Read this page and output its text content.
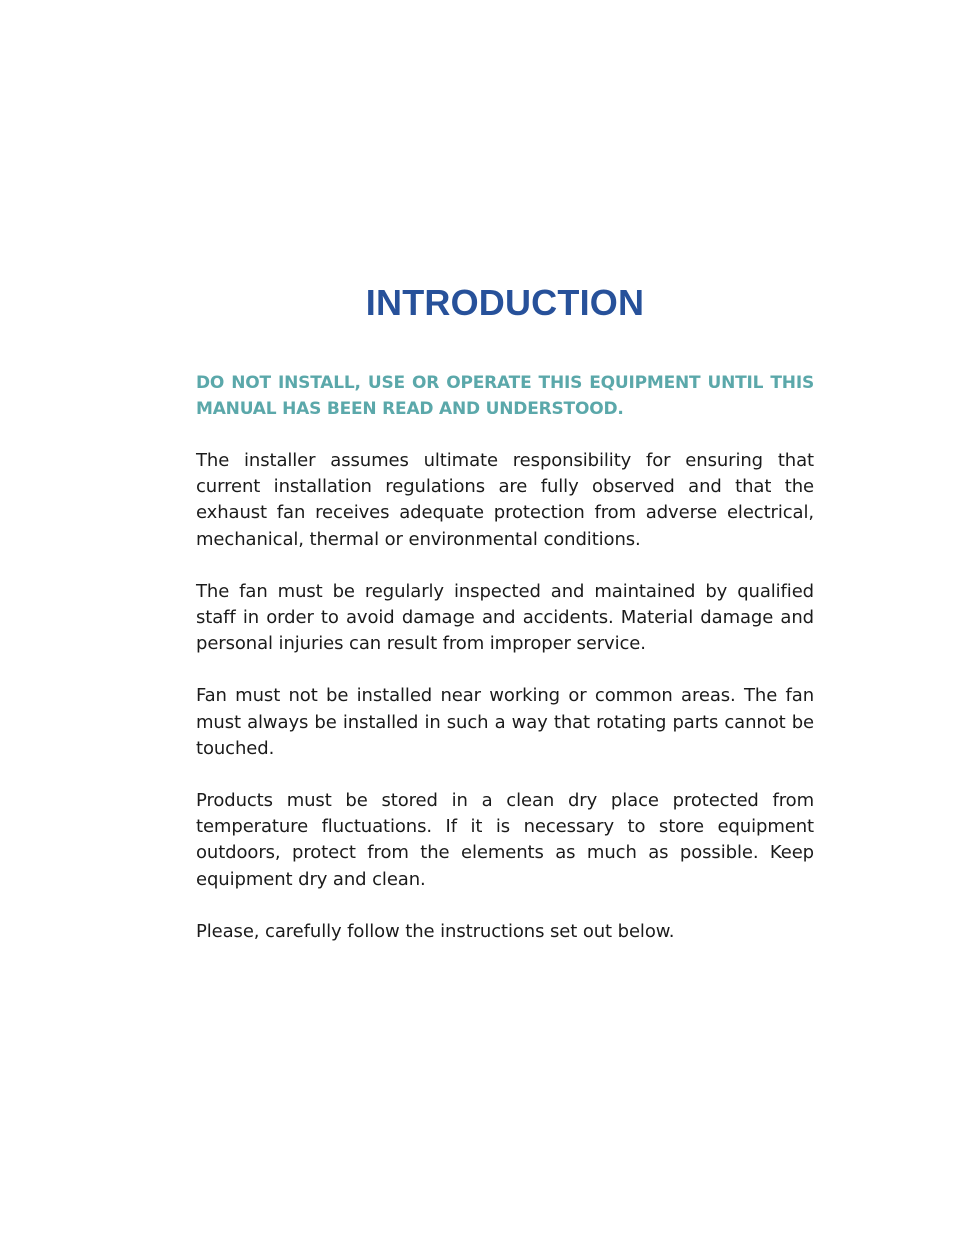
INTRODUCTION

DO NOT INSTALL, USE OR OPERATE THIS EQUIPMENT UNTIL THIS MANUAL HAS BEEN READ AND UNDERSTOOD.

The installer assumes ultimate responsibility for ensuring that current installation regulations are fully observed and that the exhaust fan receives adequate protection from adverse electrical, mechanical, thermal or environmental conditions.

The fan must be regularly inspected and maintained by qualified staff in order to avoid damage and accidents. Material damage and personal injuries can result from improper service.

Fan must not be installed near working or common areas. The fan must always be installed in such a way that rotating parts cannot be touched.

Products must be stored in a clean dry place protected from temperature fluctuations. If it is necessary to store equipment outdoors, protect from the elements as much as possible. Keep equipment dry and clean.

Please, carefully follow the instructions set out below.
